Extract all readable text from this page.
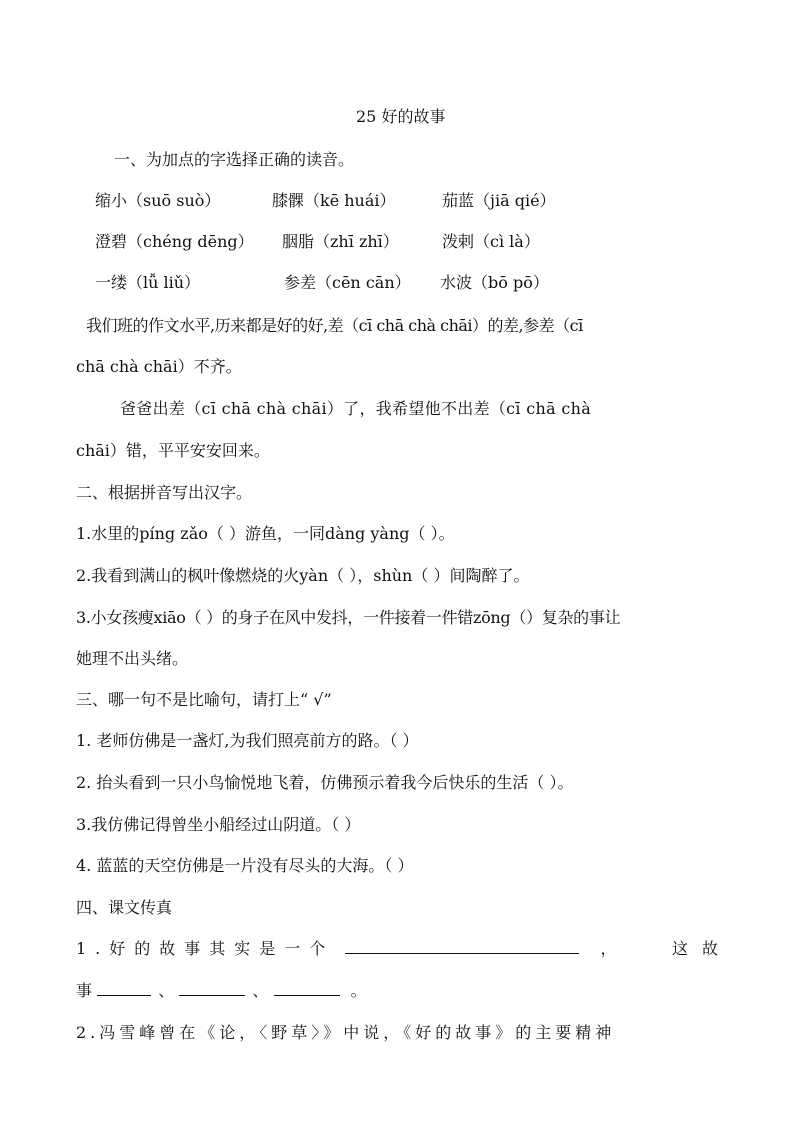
25 好的故事
一、为加点的字选择正确的读音。
缩小（suō suò）	膝髁（kē huái）	茄蓝（jiā qié）
澄碧（chéng dēng） 胭脂（zhī zhī）	泼剌（cì là）
一缕（lǚ liǔ）	参差（cēn cān） 水波（bō pō）
我们班的作文水平,历来都是好的好,差（cī chā chà chāi）的差,参差（cī
chā chà chāi）不齐。
爸爸出差（cī chā chà chāi）了，我希望他不出差（cī chā chà
chāi）错，平平安安回来。
二、根据拼音写出汉字。
1.水里的píng zǎo（ ）游鱼，一同dàng yàng（ ）。
2.我看到满山的枫叶像燃烧的火yàn（ ），shùn（ ）间陶醉了。
3.小女孩瘦xiāo（ ）的身子在风中发抖，一件接着一件错zōng（）复杂的事让
她理不出头绪。
三、哪一句不是比喻句，请打上“ √”
1. 老师仿佛是一盏灯,为我们照亮前方的路。（ ）
2. 抬头看到一只小鸟愉悦地飞着，仿佛预示着我今后快乐的生活（ ）。
3.我仿佛记得曾坐小船经过山阴道。（ ）
4. 蓝蓝的天空仿佛是一片没有尽头的大海。（ ）
四、课文传真
1.好的故事其实是一个	，	这故
事	、	、	。
2.冯雪峰曾在《论，〈野草〉》中说，《好的故事》的主要精神
